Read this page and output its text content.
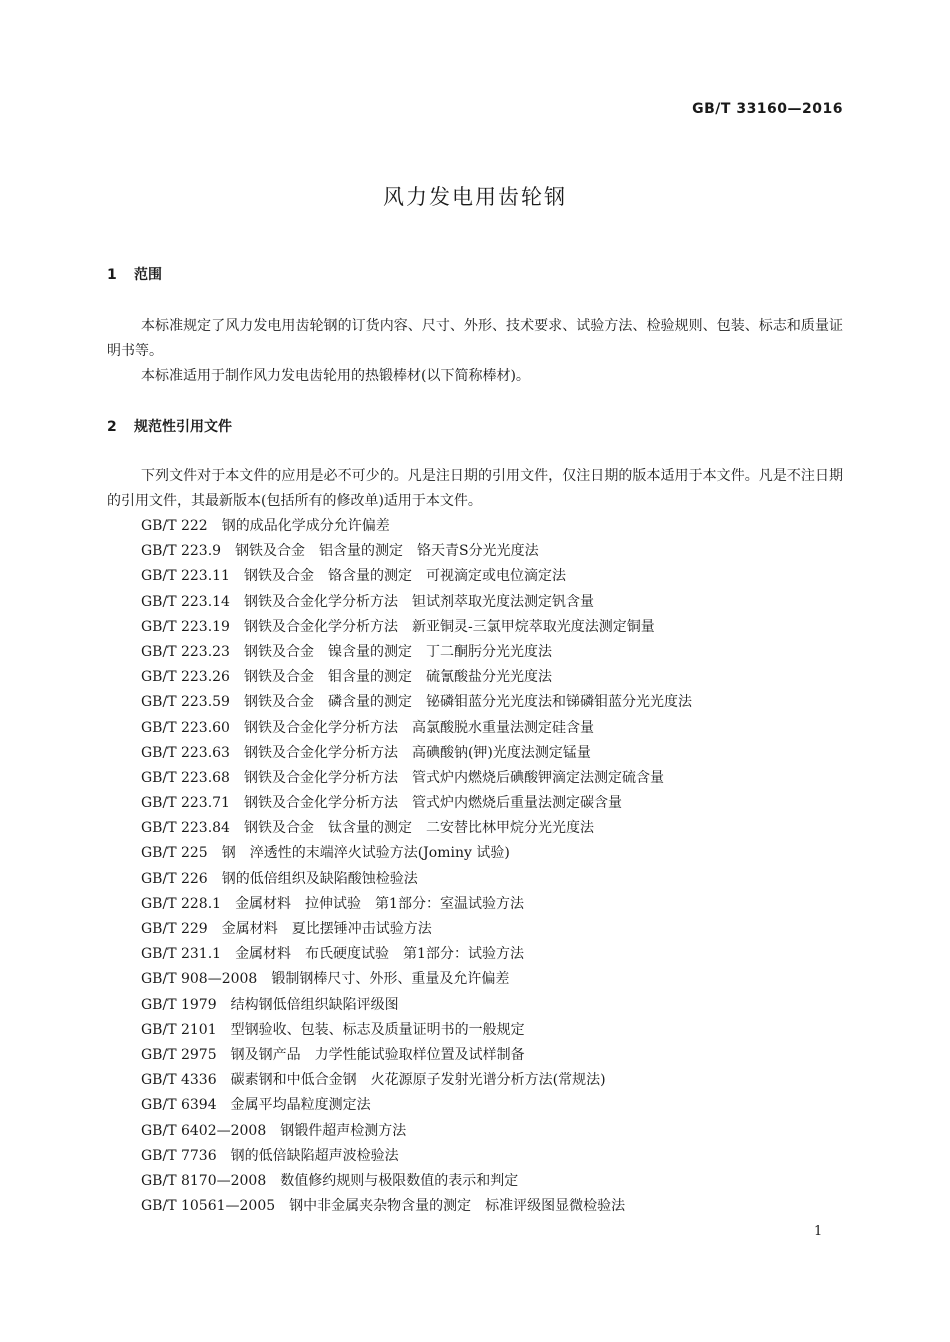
GB/T 33160—2016
风力发电用齿轮钢
1 范围
本标准规定了风力发电用齿轮钢的订货内容、尺寸、外形、技术要求、试验方法、检验规则、包装、标志和质量证明书等。
本标准适用于制作风力发电齿轮用的热锻棒材(以下简称棒材)。
2 规范性引用文件
下列文件对于本文件的应用是必不可少的。凡是注日期的引用文件，仅注日期的版本适用于本文件。凡是不注日期的引用文件，其最新版本(包括所有的修改单)适用于本文件。
GB/T 222 钢的成品化学成分允许偏差
GB/T 223.9 钢铁及合金　铝含量的测定　铬天青S分光光度法
GB/T 223.11 钢铁及合金　铬含量的测定　可视滴定或电位滴定法
GB/T 223.14 钢铁及合金化学分析方法　钽试剂萃取光度法测定钒含量
GB/T 223.19 钢铁及合金化学分析方法　新亚铜灵-三氯甲烷萃取光度法测定铜量
GB/T 223.23 钢铁及合金　镍含量的测定　丁二酮肟分光光度法
GB/T 223.26 钢铁及合金　钼含量的测定　硫氰酸盐分光光度法
GB/T 223.59 钢铁及合金　磷含量的测定　铋磷钼蓝分光光度法和锑磷钼蓝分光光度法
GB/T 223.60 钢铁及合金化学分析方法　高氯酸脱水重量法测定硅含量
GB/T 223.63 钢铁及合金化学分析方法　高碘酸钠(钾)光度法测定锰量
GB/T 223.68 钢铁及合金化学分析方法　管式炉内燃烧后碘酸钾滴定法测定硫含量
GB/T 223.71 钢铁及合金化学分析方法　管式炉内燃烧后重量法测定碳含量
GB/T 223.84 钢铁及合金　钛含量的测定　二安替比林甲烷分光光度法
GB/T 225 钢　淬透性的末端淬火试验方法(Jominy 试验)
GB/T 226 钢的低倍组织及缺陷酸蚀检验法
GB/T 228.1 金属材料　拉伸试验　第1部分：室温试验方法
GB/T 229 金属材料　夏比摆锤冲击试验方法
GB/T 231.1 金属材料　布氏硬度试验　第1部分：试验方法
GB/T 908—2008 锻制钢棒尺寸、外形、重量及允许偏差
GB/T 1979 结构钢低倍组织缺陷评级图
GB/T 2101 型钢验收、包装、标志及质量证明书的一般规定
GB/T 2975 钢及钢产品　力学性能试验取样位置及试样制备
GB/T 4336 碳素钢和中低合金钢　火花源原子发射光谱分析方法(常规法)
GB/T 6394 金属平均晶粒度测定法
GB/T 6402—2008 钢锻件超声检测方法
GB/T 7736 钢的低倍缺陷超声波检验法
GB/T 8170—2008 数值修约规则与极限数值的表示和判定
GB/T 10561—2005 钢中非金属夹杂物含量的测定　标准评级图显微检验法
1
